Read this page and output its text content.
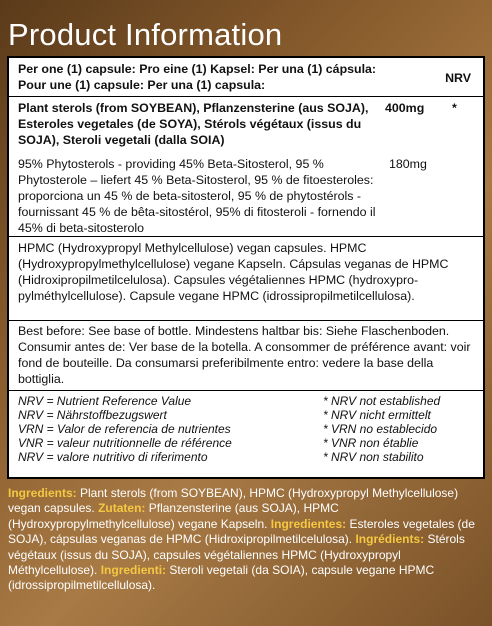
Product Information
Per one (1) capsule: Pro eine (1) Kapsel: Per una (1) cápsula: Pour une (1) capsule: Per una (1) capsula:	NRV
Plant sterols (from SOYBEAN), Pflanzensterine (aus SOJA), Esteroles vegetales (de SOYA), Stérols végétaux (issus du SOJA), Steroli vegetali (dalla SOIA)
400mg *
95% Phytosterols - providing 45% Beta-Sitosterol, 95 % Phytosterole – liefert 45 % Beta-Sitosterol, 95 % de fitoesteroles: proporciona un 45 % de beta-sitosterol, 95 % de phytostérols - fournissant 45 % de bêta-sitostérol, 95% di fitosteroli - fornendo il 45% di beta-sitosterolo
180mg
HPMC (Hydroxypropyl Methylcellulose) vegan capsules. HPMC (Hydroxypropylmethylcellulose) vegane Kapseln. Cápsulas veganas de HPMC (Hidroxipropilmetilcelulosa). Capsules végétaliennes HPMC (hydroxypro-pylméthylcellulose). Capsule vegane HPMC (idrossipropilmetilcellulosa).
Best before: See base of bottle. Mindestens haltbar bis: Siehe Flaschenboden. Consumir antes de: Ver base de la botella. A consommer de préférence avant: voir fond de bouteille. Da consumarsi preferibilmente entro: vedere la base della bottiglia.
NRV = Nutrient Reference Value
NRV = Nährstoffbezugswert
VRN = Valor de referencia de nutrientes
VNR = valeur nutritionnelle de référence
NRV = valore nutritivo di riferimento
* NRV not established
* NRV nicht ermittelt
* VRN no establecido
* VNR non établie
* NRV non stabilito
Ingredients: Plant sterols (from SOYBEAN), HPMC (Hydroxypropyl Methylcellulose) vegan capsules. Zutaten: Pflanzensterine (aus SOJA), HPMC (Hydroxypropylmethylcellulose) vegane Kapseln. Ingredientes: Esteroles vegetales (de SOJA), cápsulas veganas de HPMC (Hidroxipropilmetilcelulosa). Ingrédients: Stérols végétaux (issus du SOJA), capsules végétaliennes HPMC (Hydroxypropyl Méthylcellulose). Ingredienti: Steroli vegetali (da SOIA), capsule vegane HPMC (idrossipropilmetilcellulosa).
